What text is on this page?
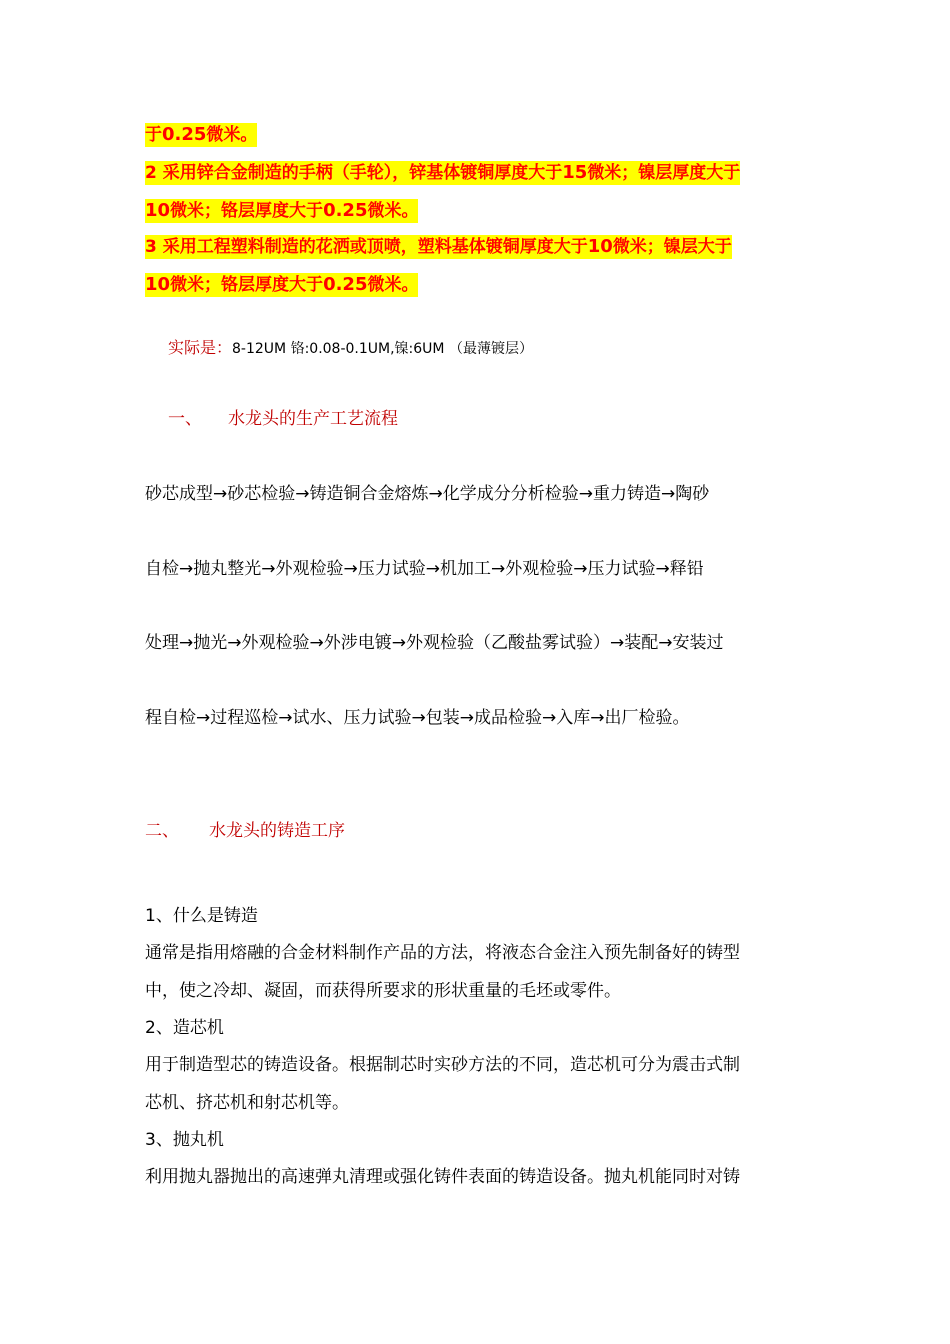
于0.25微米。
2 采用锌合金制造的手柄（手轮），锌基体镀铜厚度大于15微米；镍层厚度大于
10微米；铬层厚度大于0.25微米。
3 采用工程塑料制造的花洒或顶喷，塑料基体镀铜厚度大于10微米；镍层大于
10微米；铬层厚度大于0.25微米。
实际是：8-12UM 铬:0.08-0.1UM,镍:6UM （最薄镀层）
一、 水龙头的生产工艺流程
砂芯成型→砂芯检验→铸造铜合金熔炼→化学成分分析检验→重力铸造→陶砂
自检→抛丸整光→外观检验→压力试验→机加工→外观检验→压力试验→释铅
处理→抛光→外观检验→外涉电镀→外观检验（乙酸盐雾试验）→装配→安装过
程自检→过程巡检→试水、压力试验→包装→成品检验→入库→出厂检验。
二、 水龙头的铸造工序
1、什么是铸造
通常是指用熔融的合金材料制作产品的方法，将液态合金注入预先制备好的铸型
中，使之冷却、凝固，而获得所要求的形状重量的毛坯或零件。
2、造芯机
用于制造型芯的铸造设备。根据制芯时实砂方法的不同，造芯机可分为震击式制
芯机、挤芯机和射芯机等。
3、抛丸机
利用抛丸器抛出的高速弹丸清理或强化铸件表面的铸造设备。抛丸机能同时对铸
